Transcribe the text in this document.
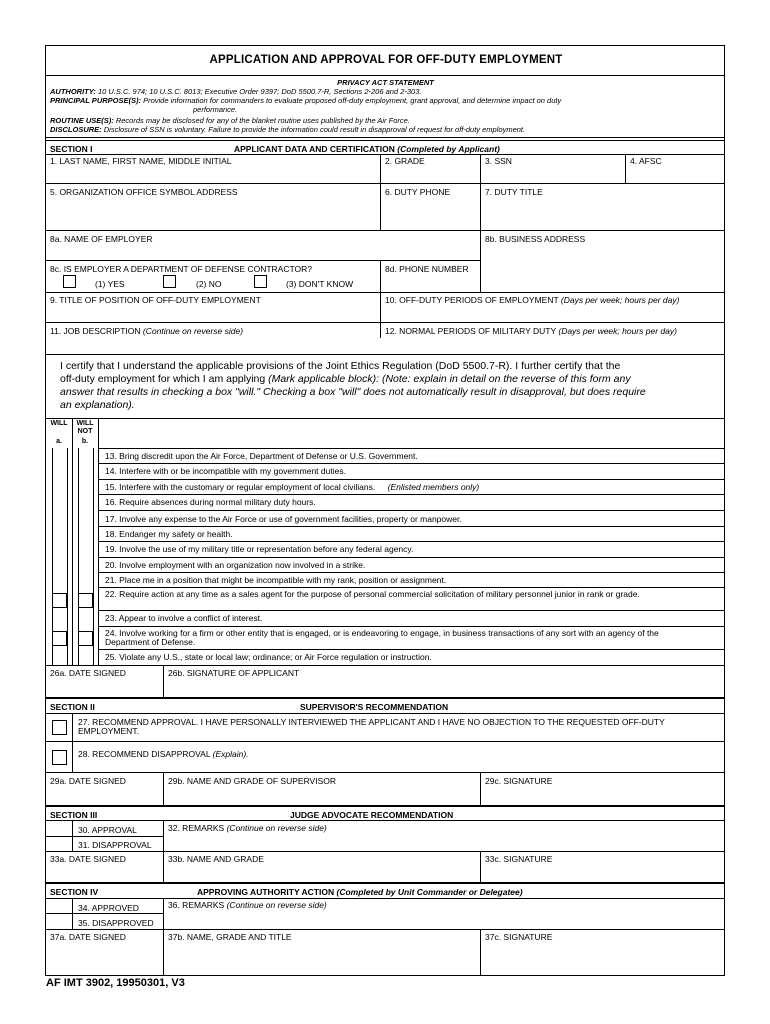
APPLICATION AND APPROVAL FOR OFF-DUTY EMPLOYMENT
PRIVACY ACT STATEMENT
AUTHORITY: 10 U.S.C. 974; 10 U.S.C. 8013; Executive Order 9397; DoD 5500.7-R, Sections 2-206 and 2-303.
PRINCIPAL PURPOSE(S): Provide information for commanders to evaluate proposed off-duty employment, grant approval, and determine impact on duty
performance.
ROUTINE USE(S): Records may be disclosed for any of the blanket routine uses published by the Air Force.
DISCLOSURE: Disclosure of SSN is voluntary. Failure to provide the information could result in disapproval of request for off-duty employment.
SECTION I	APPLICANT DATA AND CERTIFICATION (Completed by Applicant)
1. LAST NAME, FIRST NAME, MIDDLE INITIAL	2. GRADE	3. SSN	4. AFSC
5. ORGANIZATION OFFICE SYMBOL ADDRESS	6. DUTY PHONE	7. DUTY TITLE
8a. NAME OF EMPLOYER	8b. BUSINESS ADDRESS
8c. IS EMPLOYER A DEPARTMENT OF DEFENSE CONTRACTOR?	8d. PHONE NUMBER
(1) YES	(2) NO	(3) DON'T KNOW
9. TITLE OF POSITION OF OFF-DUTY EMPLOYMENT	10. OFF-DUTY PERIODS OF EMPLOYMENT (Days per week; hours per day)
11. JOB DESCRIPTION (Continue on reverse side)	12. NORMAL PERIODS OF MILITARY DUTY (Days per week; hours per day)
I certify that I understand the applicable provisions of the Joint Ethics Regulation (DoD 5500.7-R). I further certify that the
off-duty employment for which I am applying (Mark applicable block): (Note: explain in detail on the reverse of this form any
answer that results in checking a box "will." Checking a box "will" does not automatically result in disapproval, but does require
an explanation).
WILL	WILL
NOT
a.	b.
13. Bring discredit upon the Air Force, Department of Defense or U.S. Government.
14. Interfere with or be incompatible with my government duties.
15. Interfere with the customary or regular employment of local civilians. (Enlisted members only)
16. Require absences during normal military duty hours.
17. Involve any expense to the Air Force or use of government facilities, property or manpower.
18. Endanger my safety or health.
19. Involve the use of my military title or representation before any federal agency.
20. Involve employment with an organization now involved in a strike.
21. Place me in a position that might be incompatible with my rank, position or assignment.
22. Require action at any time as a sales agent for the purpose of personal commercial solicitation of military personnel junior in rank or grade.
23. Appear to involve a conflict of interest.
24. Involve working for a firm or other entity that is engaged, or is endeavoring to engage, in business transactions of any sort with an agency of the Department of Defense.
25. Violate any U.S., state or local law; ordinance; or Air Force regulation or instruction.
26a. DATE SIGNED	26b. SIGNATURE OF APPLICANT
SECTION II	SUPERVISOR'S RECOMMENDATION
27. RECOMMEND APPROVAL. I HAVE PERSONALLY INTERVIEWED THE APPLICANT AND I HAVE NO OBJECTION TO THE REQUESTED OFF-DUTY EMPLOYMENT.
28. RECOMMEND DISAPPROVAL (Explain).
29a. DATE SIGNED	29b. NAME AND GRADE OF SUPERVISOR	29c. SIGNATURE
SECTION III	JUDGE ADVOCATE RECOMMENDATION
30. APPROVAL
31. DISAPPROVAL
32. REMARKS (Continue on reverse side)
33a. DATE SIGNED	33b. NAME AND GRADE	33c. SIGNATURE
SECTION IV	APPROVING AUTHORITY ACTION (Completed by Unit Commander or Delegatee)
34. APPROVED
35. DISAPPROVED
36. REMARKS (Continue on reverse side)
37a. DATE SIGNED	37b. NAME, GRADE AND TITLE	37c. SIGNATURE
AF IMT 3902, 19950301, V3
